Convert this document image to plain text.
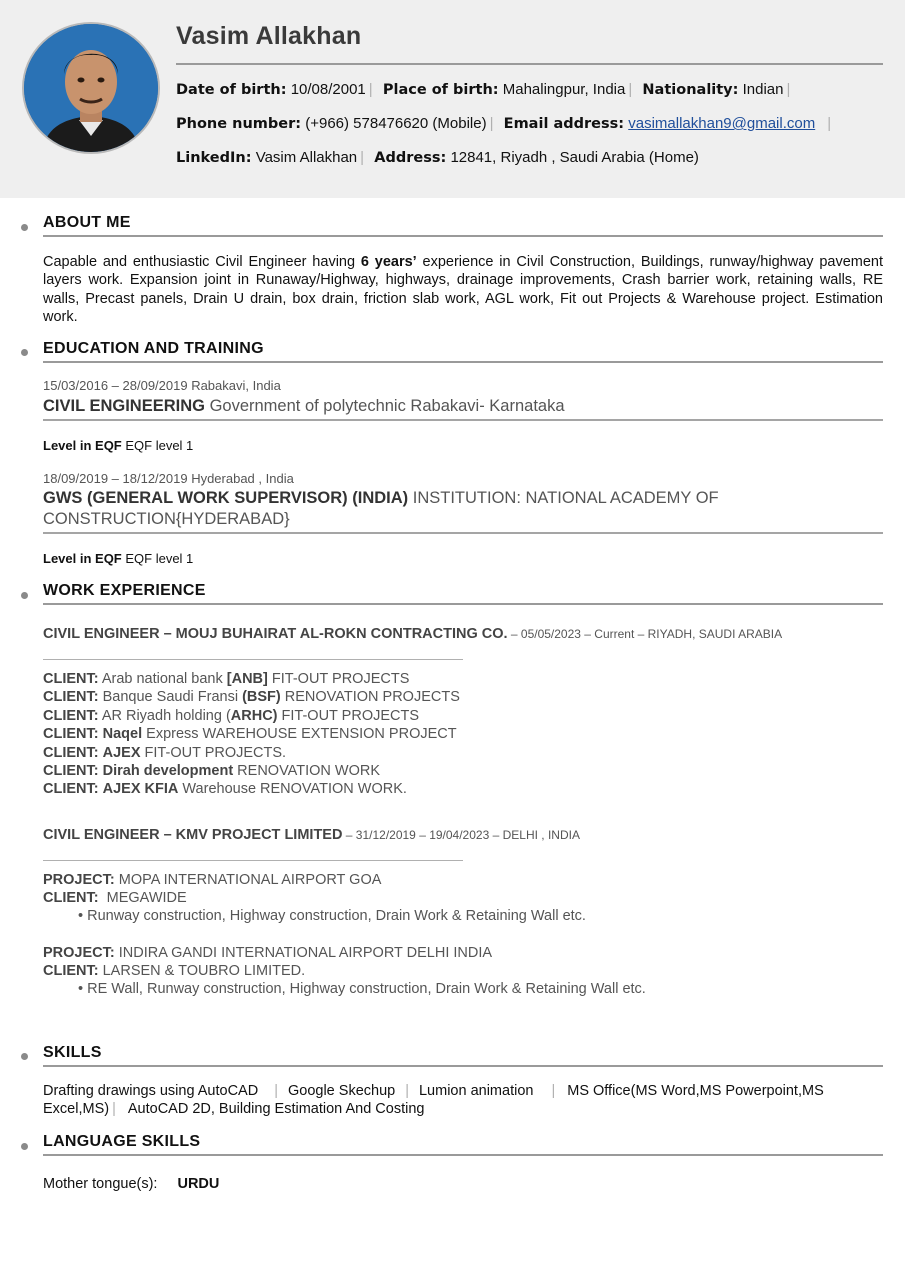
Vasim Allakhan
Date of birth: 10/08/2001 | Place of birth: Mahalingpur, India | Nationality: Indian |
Phone number: (+966) 578476620 (Mobile) | Email address: vasimallakhan9@gmail.com |
LinkedIn: Vasim Allakhan | Address: 12841, Riyadh , Saudi Arabia (Home)
ABOUT ME
Capable and enthusiastic Civil Engineer having 6 years’ experience in Civil Construction, Buildings, runway/highway pavement layers work. Expansion joint in Runaway/Highway, highways, drainage improvements, Crash barrier work, retaining walls, RE walls, Precast panels, Drain U drain, box drain, friction slab work, AGL work, Fit out Projects & Warehouse project. Estimation work.
EDUCATION AND TRAINING
15/03/2016 – 28/09/2019 Rabakavi, India
CIVIL ENGINEERING Government of polytechnic Rabakavi- Karnataka
Level in EQF EQF level 1
18/09/2019 – 18/12/2019 Hyderabad , India
GWS (GENERAL WORK SUPERVISOR) (INDIA) INSTITUTION: NATIONAL ACADEMY OF CONSTRUCTION{HYDERABAD}
Level in EQF EQF level 1
WORK EXPERIENCE
CIVIL ENGINEER – MOUJ BUHAIRAT AL-ROKN CONTRACTING CO. – 05/05/2023 – Current – RIYADH, SAUDI ARABIA
CLIENT: Arab national bank [ANB] FIT-OUT PROJECTS
CLIENT: Banque Saudi Fransi (BSF) RENOVATION PROJECTS
CLIENT: AR Riyadh holding (ARHC) FIT-OUT PROJECTS
CLIENT: Naqel Express WAREHOUSE EXTENSION PROJECT
CLIENT: AJEX FIT-OUT PROJECTS.
CLIENT: Dirah development RENOVATION WORK
CLIENT: AJEX KFIA Warehouse RENOVATION WORK.
CIVIL ENGINEER – KMV PROJECT LIMITED – 31/12/2019 – 19/04/2023 – DELHI , INDIA
PROJECT: MOPA INTERNATIONAL AIRPORT GOA
CLIENT:  MEGAWIDE
• Runway construction, Highway construction, Drain Work & Retaining Wall etc.
PROJECT: INDIRA GANDI INTERNATIONAL AIRPORT DELHI INDIA
CLIENT: LARSEN & TOUBRO LIMITED.
• RE Wall, Runway construction, Highway construction, Drain Work & Retaining Wall etc.
SKILLS
Drafting drawings using AutoCAD | Google Skechup | Lumion animation | MS Office(MS Word,MS Powerpoint,MS
Excel,MS) | AutoCAD 2D, Building Estimation And Costing
LANGUAGE SKILLS
Mother tongue(s): URDU
